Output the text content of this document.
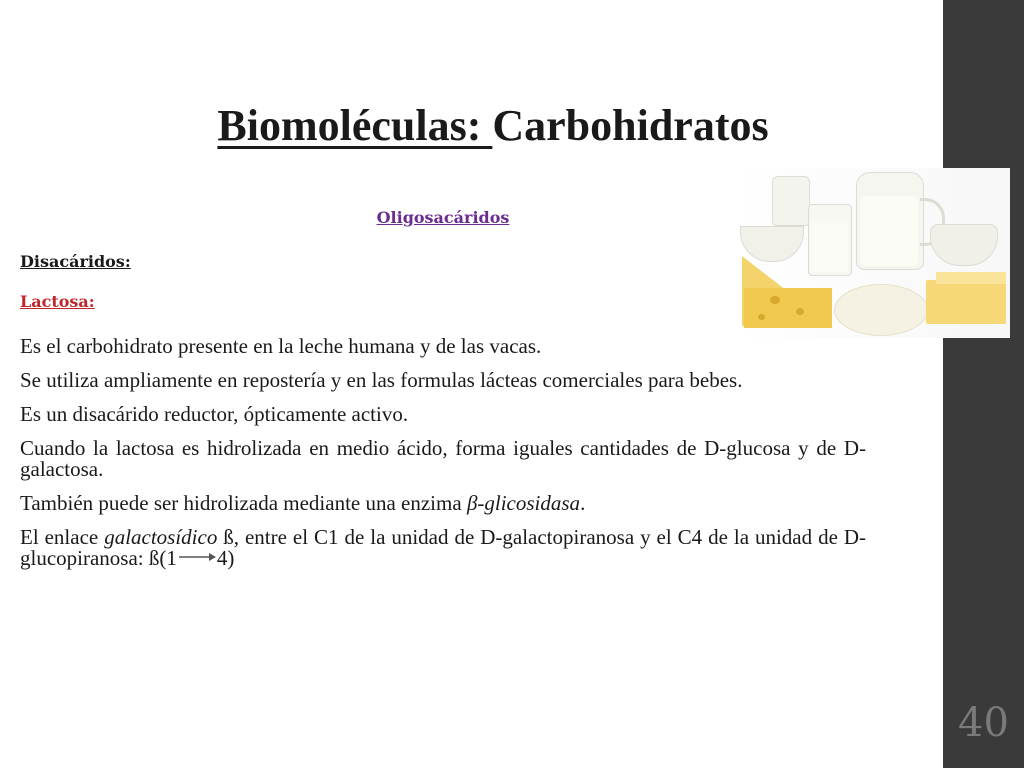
40
Biomoléculas: Carbohidratos
Oligosacáridos
Disacáridos:
Lactosa:

Es el carbohidrato presente en la leche humana y de las vacas.

Se utiliza ampliamente en repostería y en las formulas lácteas comerciales para bebes.

Es un disacárido reductor, ópticamente activo.

Cuando la lactosa es hidrolizada en medio ácido, forma iguales cantidades de D-glucosa y de D-galactosa.

También puede ser hidrolizada mediante una enzima β-glicosidasa.

El enlace galactosídico ß, entre el C1 de la unidad de D-galactopiranosa y el C4 de la unidad de D-glucopiranosa: ß(1 4)
